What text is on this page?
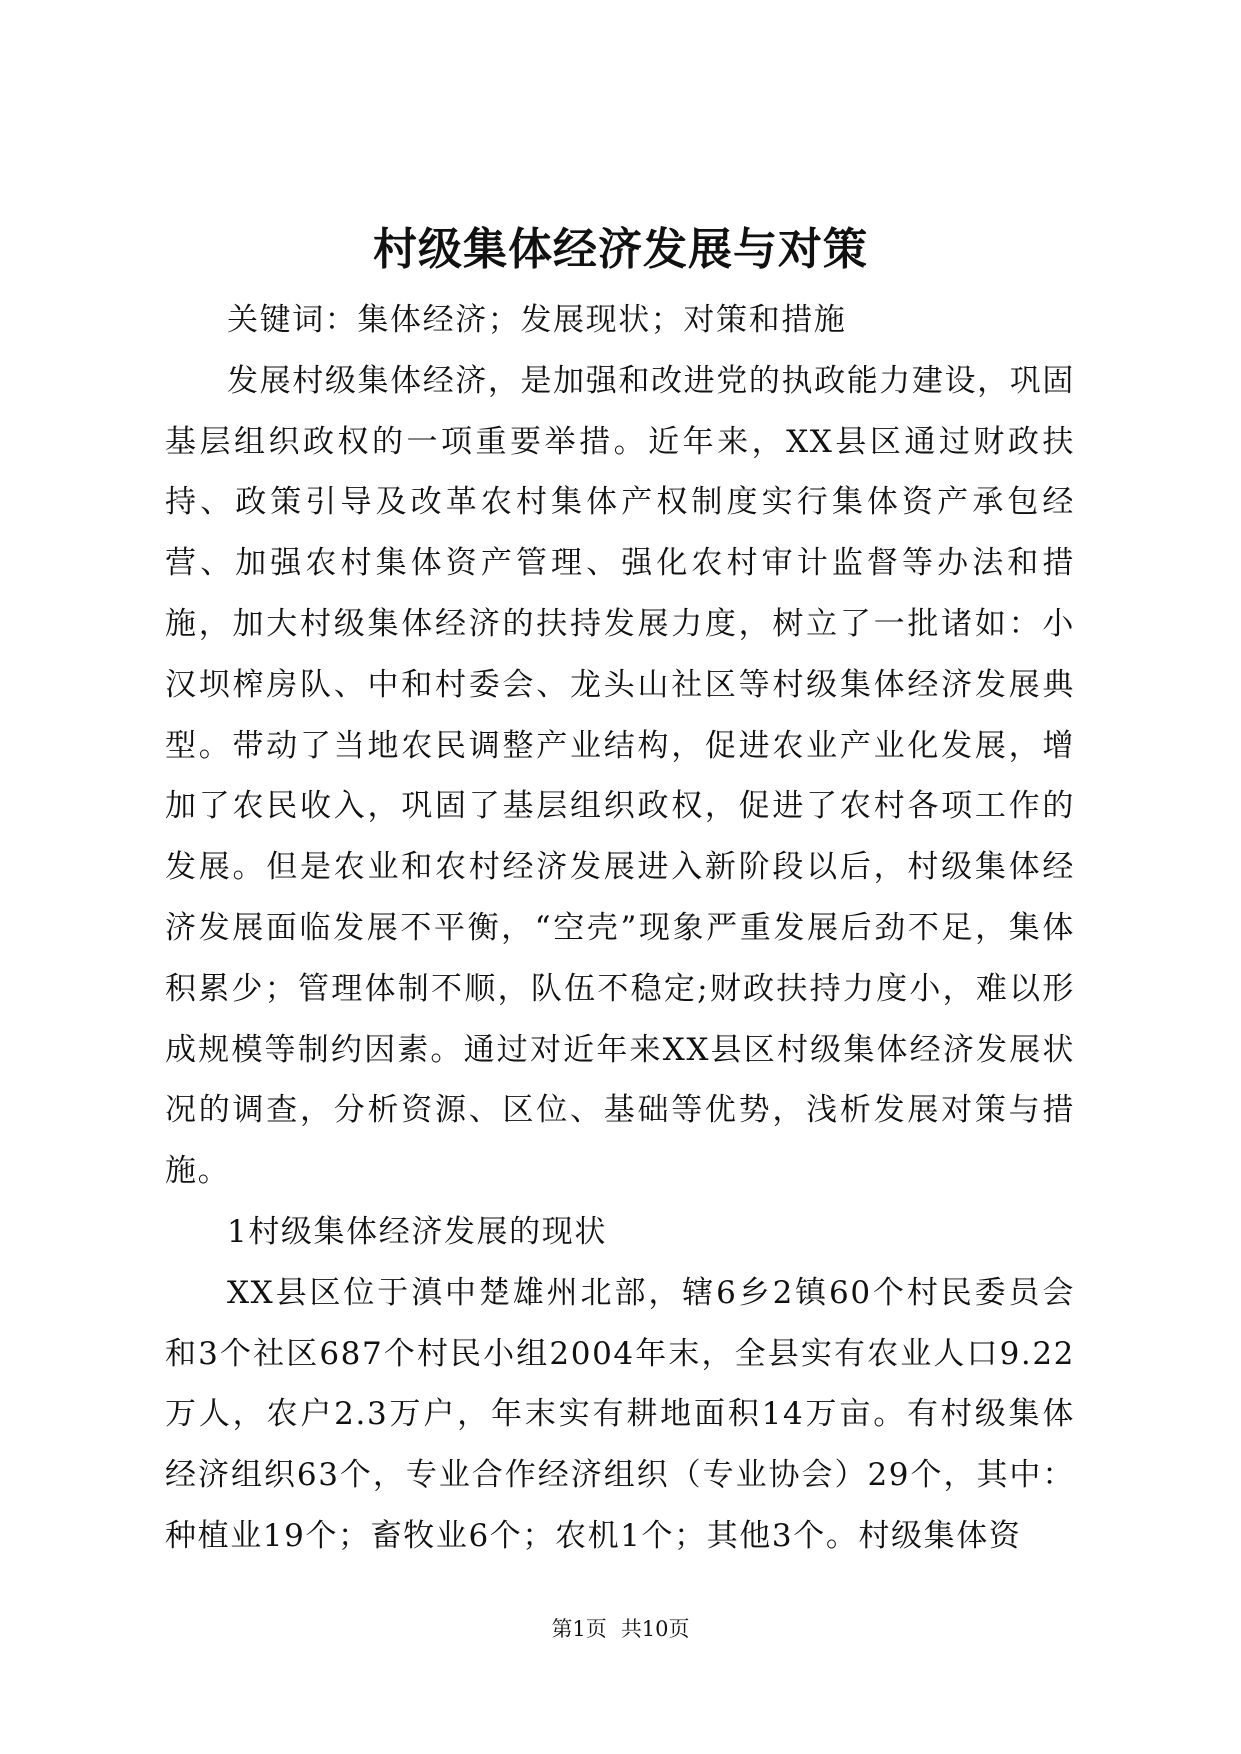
村级集体经济发展与对策

关键词：集体经济；发展现状；对策和措施

发展村级集体经济，是加强和改进党的执政能力建设，巩固基层组织政权的一项重要举措。近年来，XX县区通过财政扶持、政策引导及改革农村集体产权制度实行集体资产承包经营、加强农村集体资产管理、强化农村审计监督等办法和措施，加大村级集体经济的扶持发展力度，树立了一批诸如：小汉坝榨房队、中和村委会、龙头山社区等村级集体经济发展典型。带动了当地农民调整产业结构，促进农业产业化发展，增加了农民收入，巩固了基层组织政权，促进了农村各项工作的发展。但是农业和农村经济发展进入新阶段以后，村级集体经济发展面临发展不平衡，“空壳”现象严重发展后劲不足，集体积累少；管理体制不顺，队伍不稳定;财政扶持力度小，难以形成规模等制约因素。通过对近年来XX县区村级集体经济发展状况的调查，分析资源、区位、基础等优势，浅析发展对策与措施。

1村级集体经济发展的现状

XX县区位于滇中楚雄州北部，辖6乡2镇60个村民委员会和3个社区687个村民小组2004年末，全县实有农业人口9.22万人，农户2.3万户，年末实有耕地面积14万亩。有村级集体经济组织63个，专业合作经济组织（专业协会）29个，其中：种植业19个；畜牧业6个；农机1个；其他3个。村级集体资

第1页 共10页
